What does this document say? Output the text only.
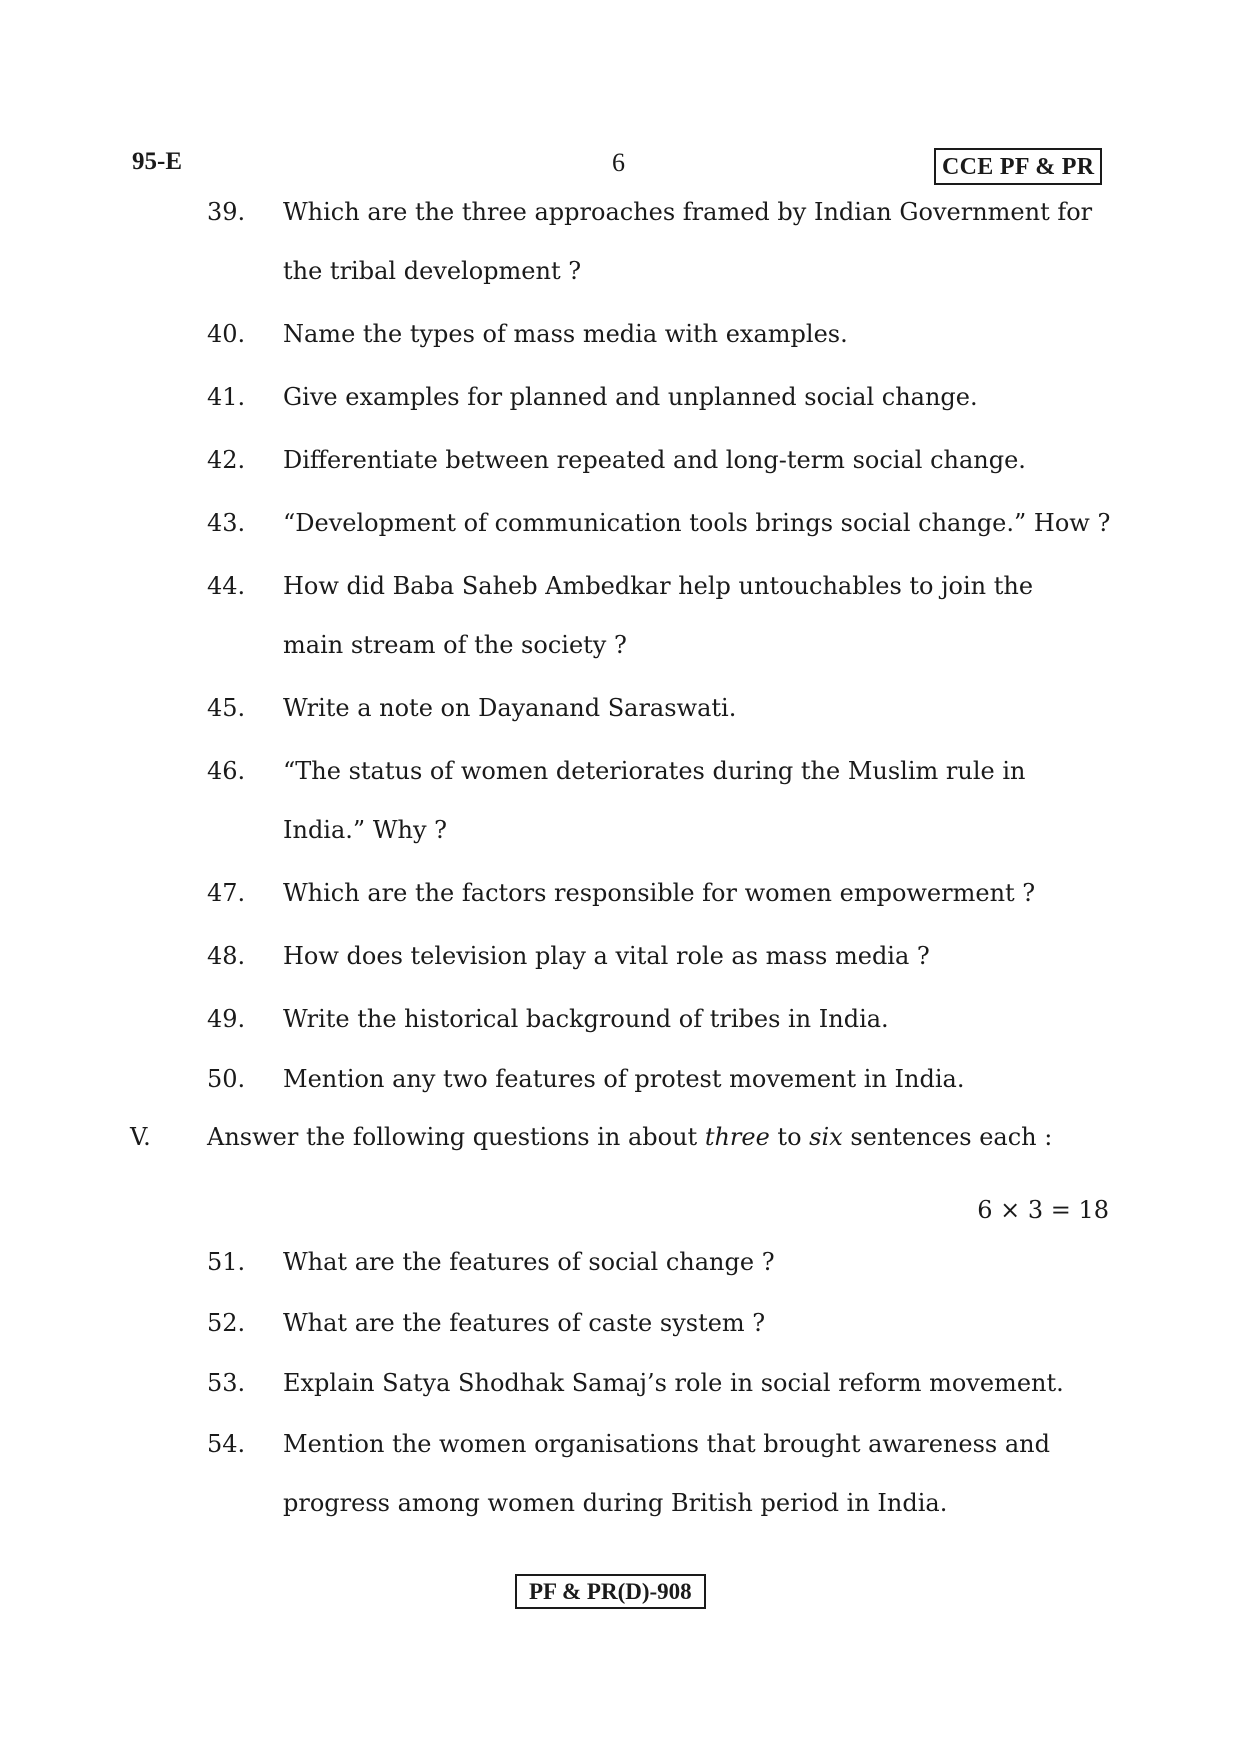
95-E	6	CCE PF & PR
39. Which are the three approaches framed by Indian Government for
the tribal development ?
40. Name the types of mass media with examples.
41. Give examples for planned and unplanned social change.
42. Differentiate between repeated and long-term social change.
43. “Development of communication tools brings social change.” How ?
44. How did Baba Saheb Ambedkar help untouchables to join the
main stream of the society ?
45. Write a note on Dayanand Saraswati.
46. “The status of women deteriorates during the Muslim rule in
India.” Why ?
47. Which are the factors responsible for women empowerment ?
48. How does television play a vital role as mass media ?
49. Write the historical background of tribes in India.
50. Mention any two features of protest movement in India.
V. Answer the following questions in about three to six sentences each :
6 × 3 = 18
51. What are the features of social change ?
52. What are the features of caste system ?
53. Explain Satya Shodhak Samaj’s role in social reform movement.
54. Mention the women organisations that brought awareness and
progress among women during British period in India.
PF & PR(D)-908
